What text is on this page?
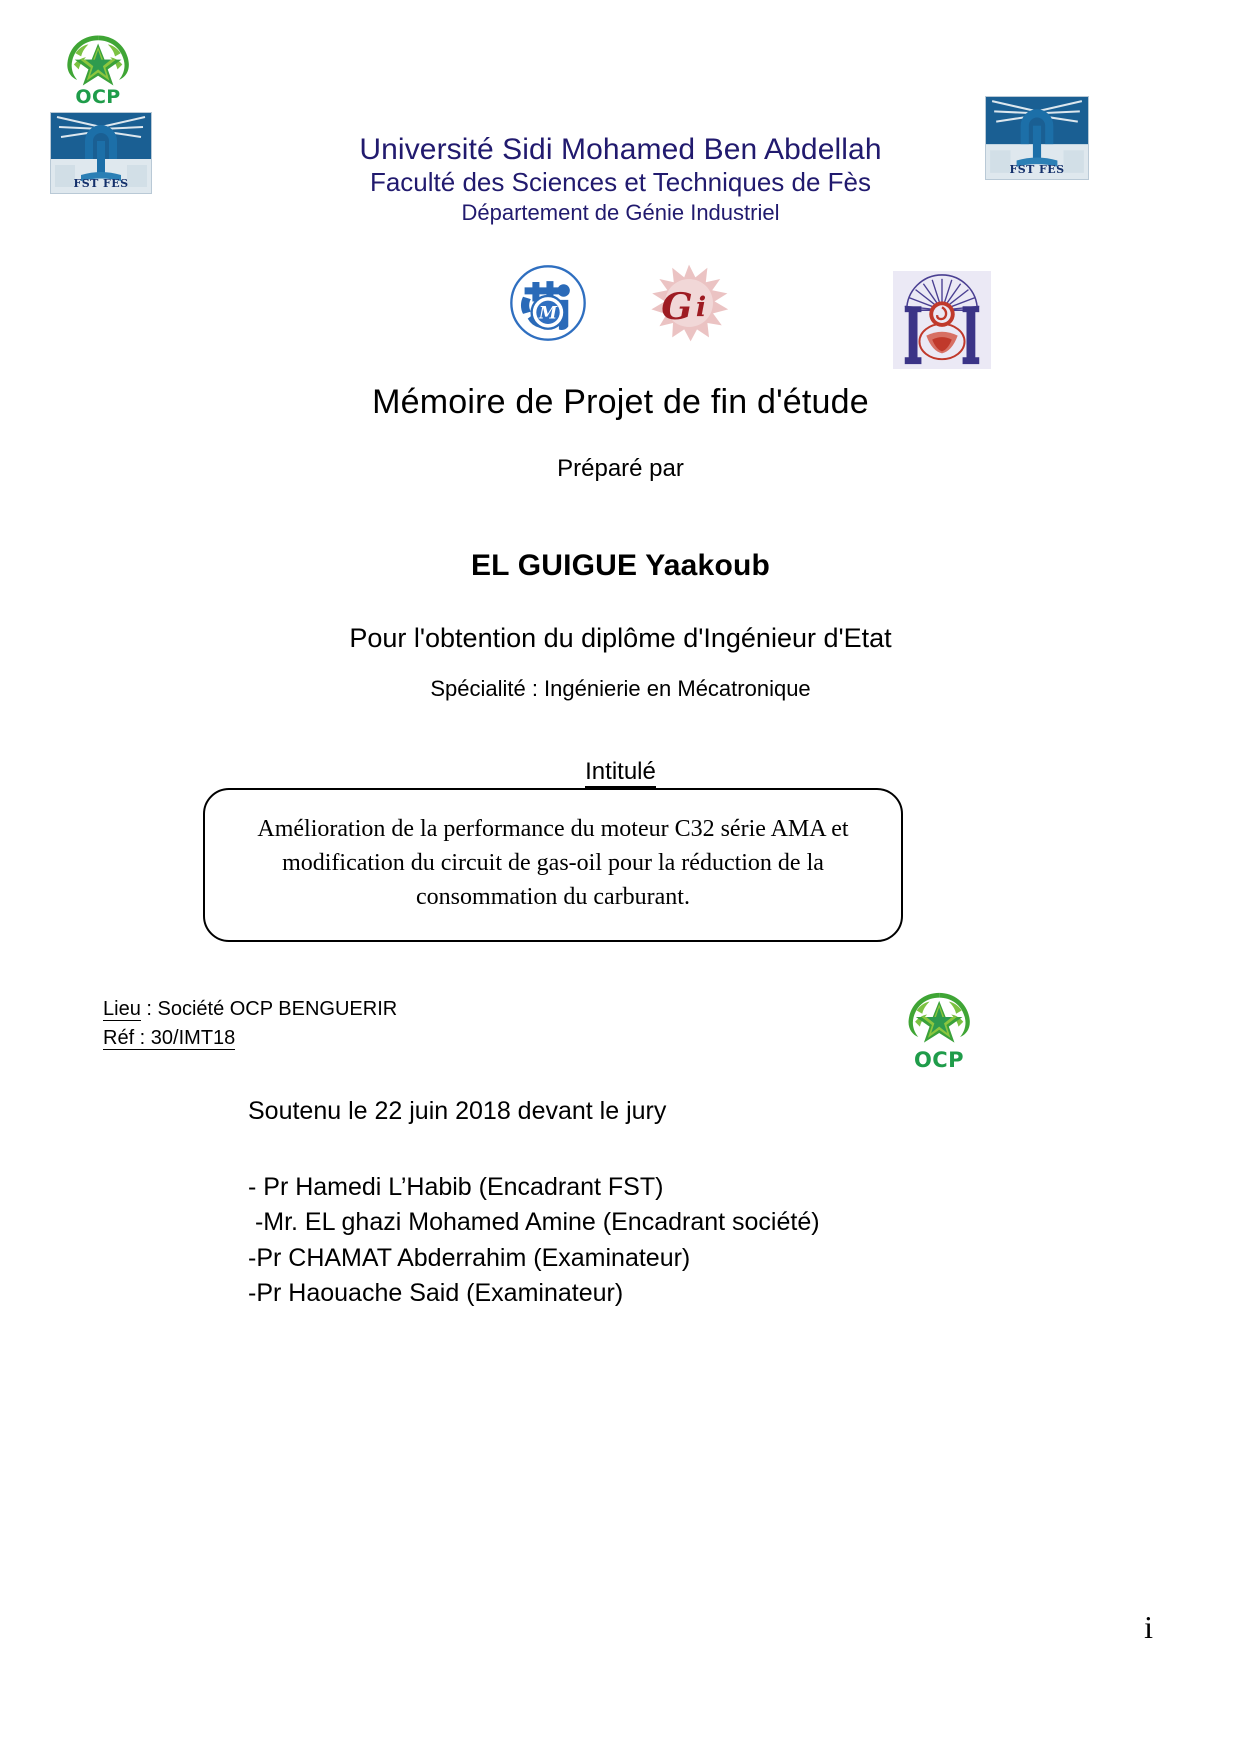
OCP
FST FES
FST FES
Université Sidi Mohamed Ben Abdellah
Faculté des Sciences et Techniques de Fès
Département de Génie Industriel
M G i
Mémoire de Projet de fin d'étude
Préparé par
EL GUIGUE Yaakoub
Pour l'obtention du diplôme d'Ingénieur d'Etat
Spécialité : Ingénierie en Mécatronique
Intitulé
Amélioration de la performance du moteur C32 série AMA et
modification du circuit de gas-oil pour la réduction de la
consommation du carburant.
Lieu : Société OCP BENGUERIR
Réf : 30/IMT18
OCP
Soutenu le 22 juin 2018 devant le jury
- Pr Hamedi L’Habib (Encadrant FST)
-Mr. EL ghazi Mohamed Amine (Encadrant société)
-Pr CHAMAT Abderrahim (Examinateur)
-Pr Haouache Said (Examinateur)
i
